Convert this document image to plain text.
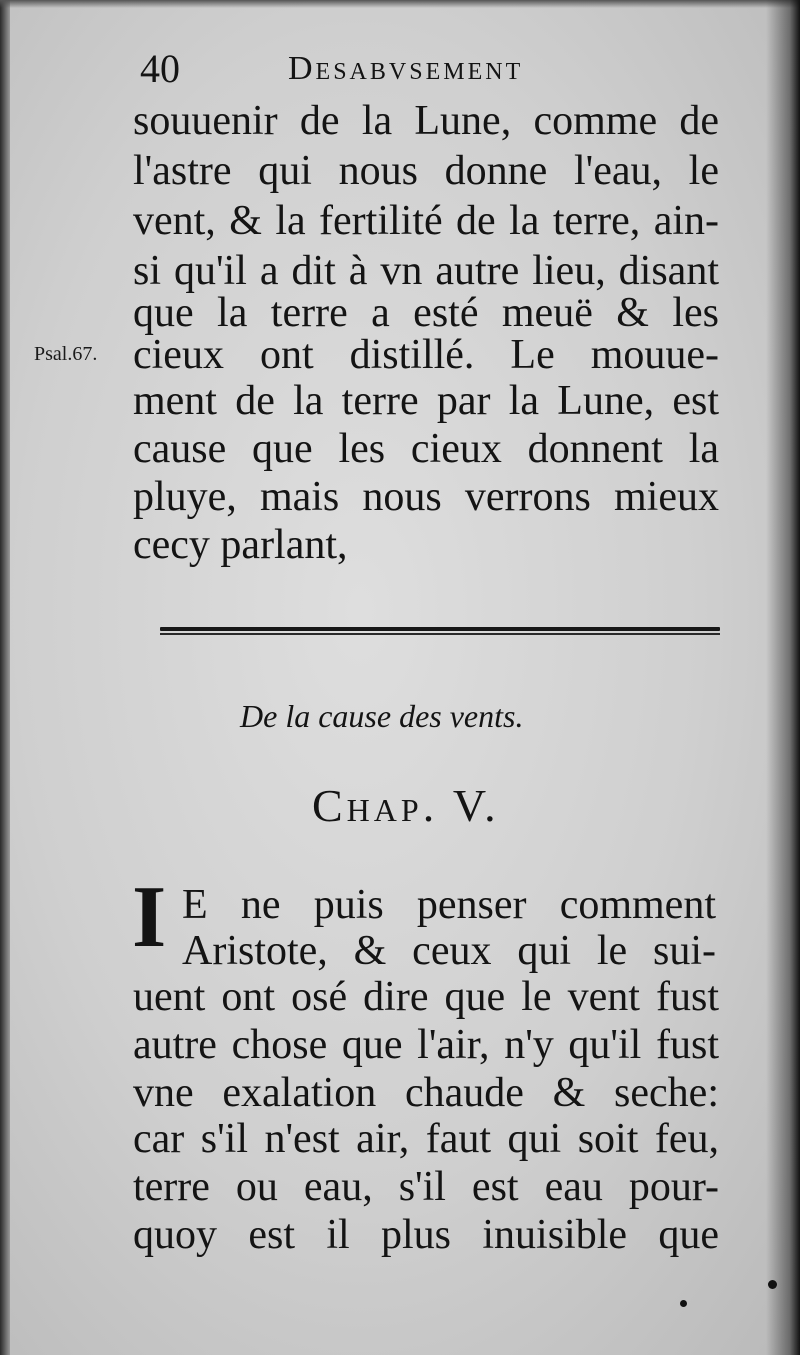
40	Desabvsement
souuenir de la Lune, comme de
l'astre qui nous donne l'eau, le
vent, & la fertilité de la terre, ain-
si qu'il a dit à vn autre lieu, disant
que la terre a esté meuë & les
cieux ont distillé. Le mouue-
ment de la terre par la Lune, est
cause que les cieux donnent la
pluye, mais nous verrons mieux
cecy parlant,
Psal.67.
De la cause des vents.
Chap. V.
I E ne puis penser comment
Aristote, & ceux qui le sui-
uent ont osé dire que le vent fust
autre chose que l'air, n'y qu'il fust
vne exalation chaude & seche:
car s'il n'est air, faut qui soit feu,
terre ou eau, s'il est eau pour-
quoy est il plus inuisible que
